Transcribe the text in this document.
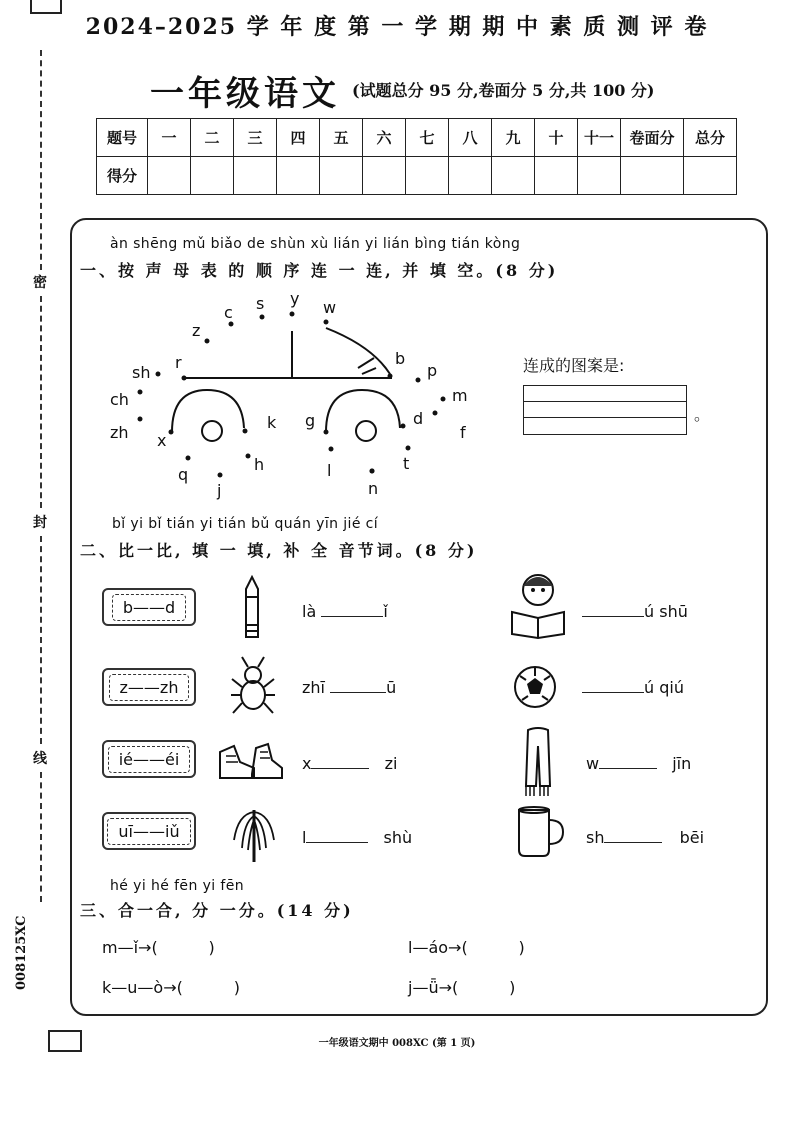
2024–2025 学 年 度 第 一 学 期 期 中 素 质 测 评 卷
一年级语文 (试题总分 95 分,卷面分 5 分,共 100 分)
题号	一	二	三	四	五	六	七	八	九	十	十一	卷面分	总分
得分													
密
封
线
008125XC
àn shēng mǔ biǎo de shùn xù lián yi lián bìng tián kòng
一、按 声 母 表 的 顺 序 连 一 连, 并 填 空。(8 分)
b
p
m
f
d
t
n
l
g
k
h
j
q
x
zh
ch
sh
r
z
c s y w
连成的图案是:
。
bǐ yi bǐ tián yi tián bǔ quán yīn jié cí
二、比一比, 填 一 填, 补 全 音节词。(8 分)
b——d
z——zh
ié——éi
uī——iǔ
là	ǐ	ú shū
zhī	ū	ú qiú
x	zi	w	jīn
l	shù	sh	bēi
hé yi hé fēn yi fēn
三、合一合, 分 一分。(14 分)
m—ǐ→(          )	l—áo→(          )
k—u—ò→(          )	j—ǖ→(          )
一年级语文期中 008XC (第 1 页)
